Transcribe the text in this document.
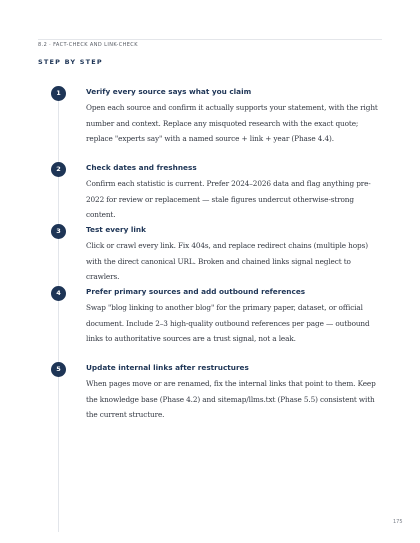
8.2 · FACT-CHECK AND LINK-CHECK
STEP BY STEP
1	Verify every source says what you claim
Open each source and confirm it actually supports your statement, with the right number and context. Replace any misquoted research with the exact quote; replace "experts say" with a named source + link + year (Phase 4.4).
2	Check dates and freshness
Confirm each statistic is current. Prefer 2024–2026 data and flag anything pre-2022 for review or replacement — stale figures undercut otherwise-strong content.
3	Test every link
Click or crawl every link. Fix 404s, and replace redirect chains (multiple hops) with the direct canonical URL. Broken and chained links signal neglect to crawlers.
4	Prefer primary sources and add outbound references
Swap "blog linking to another blog" for the primary paper, dataset, or official document. Include 2–3 high-quality outbound references per page — outbound links to authoritative sources are a trust signal, not a leak.
5	Update internal links after restructures
When pages move or are renamed, fix the internal links that point to them. Keep the knowledge base (Phase 4.2) and sitemap/llms.txt (Phase 5.5) consistent with the current structure.
175
